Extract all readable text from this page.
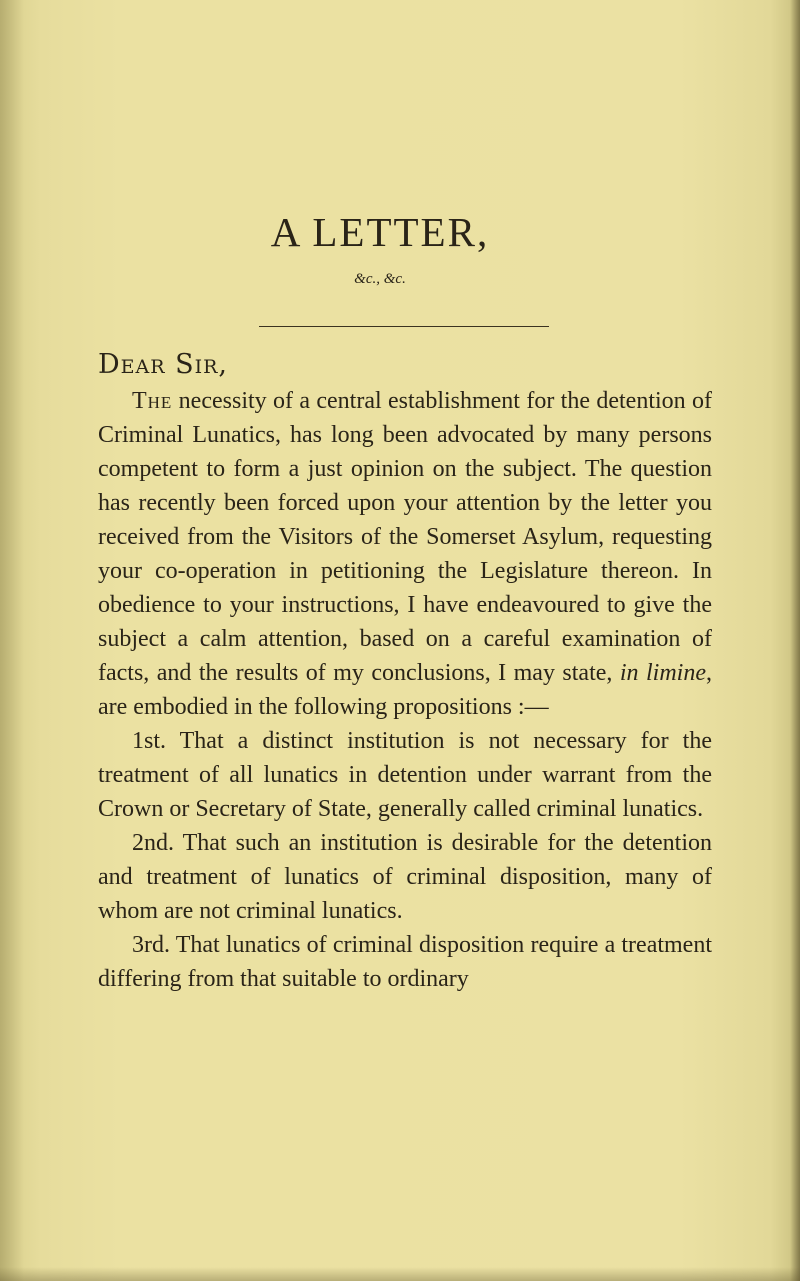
A LETTER,
&c., &c.
Dear Sir,

The necessity of a central establishment for the detention of Criminal Lunatics, has long been advocated by many persons competent to form a just opinion on the subject. The question has recently been forced upon your attention by the letter you received from the Visitors of the Somerset Asylum, requesting your co-operation in petitioning the Legislature thereon. In obedience to your instructions, I have endeavoured to give the subject a calm attention, based on a careful examination of facts, and the results of my conclusions, I may state, in limine, are embodied in the following propositions :—

1st. That a distinct institution is not necessary for the treatment of all lunatics in detention under warrant from the Crown or Secretary of State, generally called criminal lunatics.

2nd. That such an institution is desirable for the detention and treatment of lunatics of criminal disposition, many of whom are not criminal lunatics.

3rd. That lunatics of criminal disposition require a treatment differing from that suitable to ordinary
